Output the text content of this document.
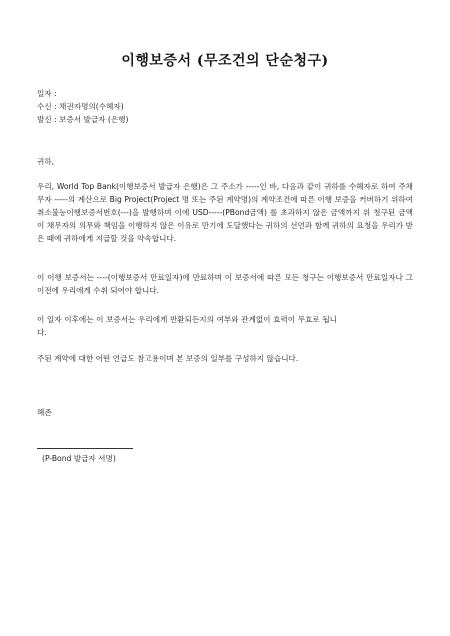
이행보증서 (무조건의 단순청구)
일자 :
수신 : 채권자명의(수혜자)
발신 : 보증서 발급자 (은행)
귀하,
우리, World Top Bank(이행보증서 발급자 은행)은 그 주소가 -----인 바, 다음과 같이 귀하를 수혜자로 하여 주채무자 -----의 계산으로 Big Project(Project 명 또는 주된 계약명)의 계약조건에 따른 이행 보증을 커버하기 위하여 취소불능이행보증서번호(---)을 발행하며 이에 USD-----(PBond금액) 를 초과하지 않은 금액까지 위 청구된 금액이 채무자의 의무와 책임을 이행하지 않은 이유로 만기에 도달했다는 귀하의 선언과 함께 귀하의 요청을 우리가 받은 때에 귀하에게 지급할 것을 약속합니다.
이 이행 보증서는 ----(이행보증서 만료일자)에 만료하며 이 보증서에 따른 모든 청구는 이행보증서 만료일자나 그 이전에 우리에게 수취 되어야 합니다.
이 일자 이후에는 이 보증서는 우리에게 반환되든지의 여부와 관계없이 효력이 무효로 됩니다.
주된 계약에 대한 어떤 언급도 참고용이며 본 보증의 일부를 구성하지 않습니다.
혜존
(P-Bond 발급자 서명)
